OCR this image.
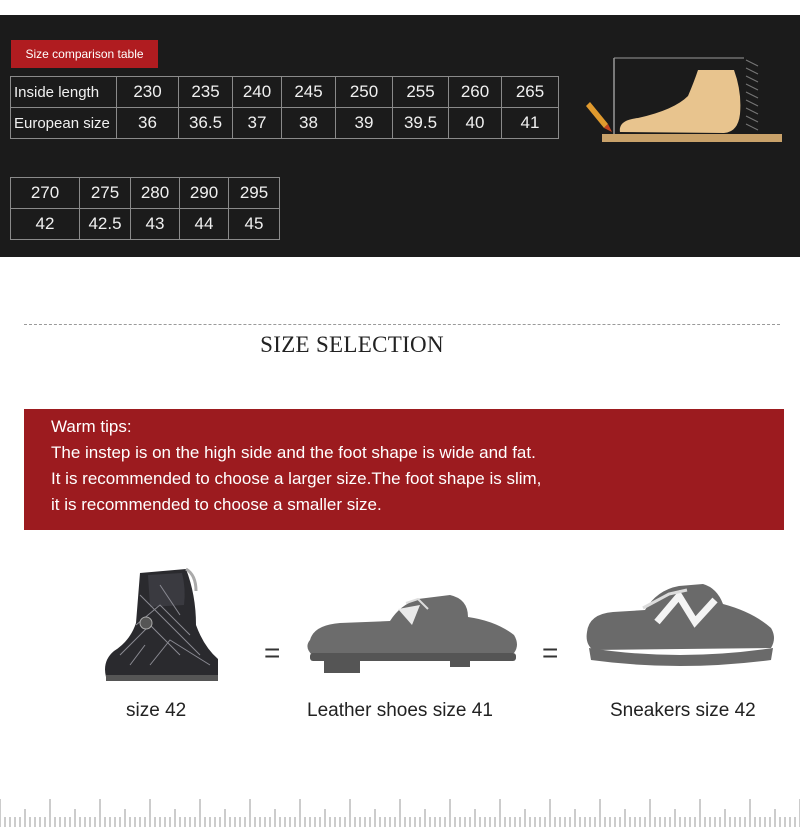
Size comparison table
Inside length	230	235	240	245	250	255	260	265
European size	36	36.5	37	38	39	39.5	40	41
270	275	280	290	295
42	42.5	43	44	45
SIZE SELECTION
Warm tips:
The instep is on the high side and the foot shape is wide and fat.
It is recommended to choose a larger size.The foot shape is slim,
it is recommended to choose a smaller size.
=	=
size 42	Leather shoes size 41	Sneakers size 42
